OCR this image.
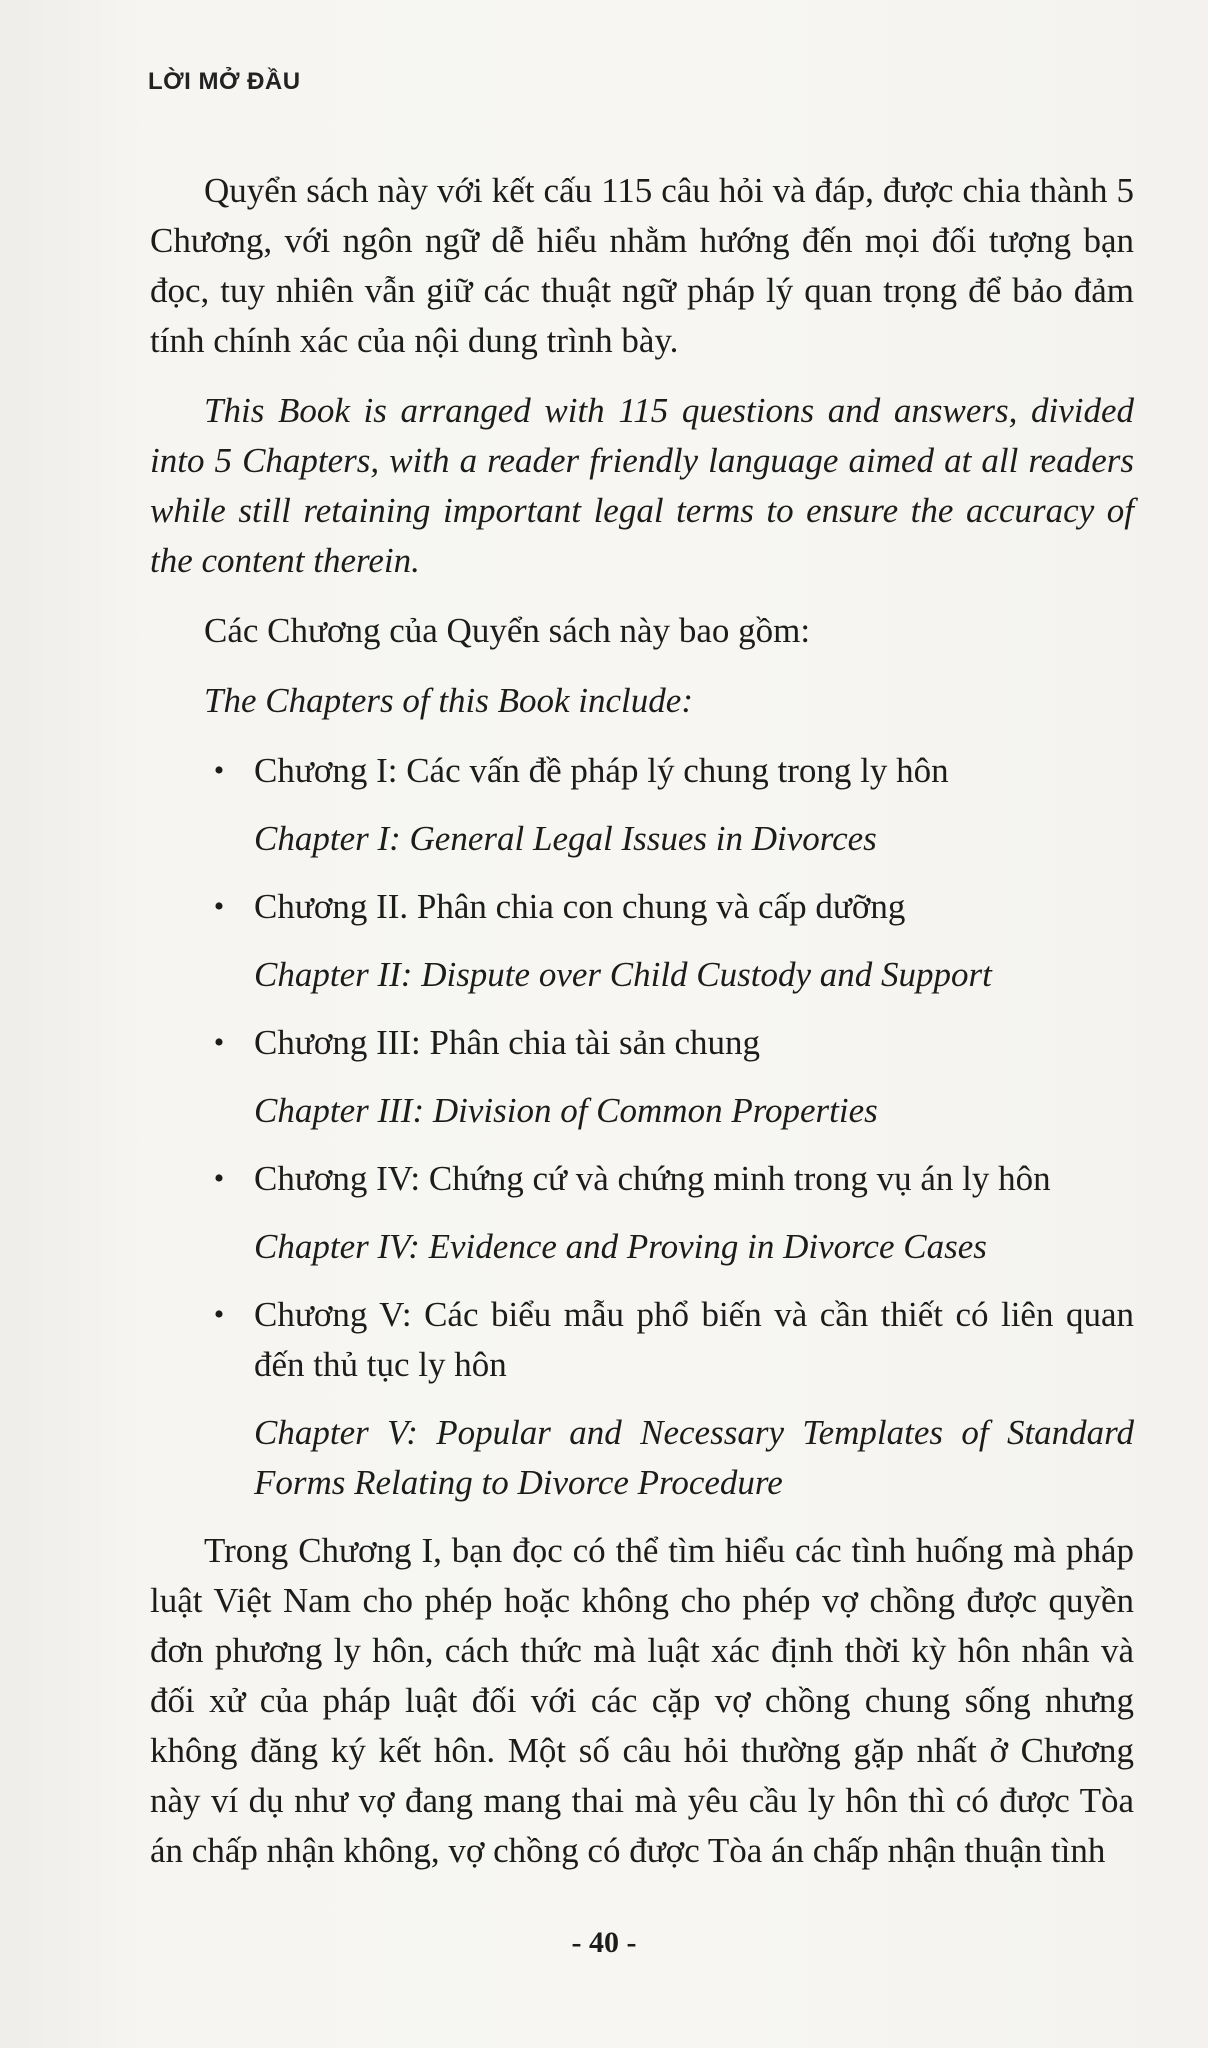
LỜI MỞ ĐẦU

Quyển sách này với kết cấu 115 câu hỏi và đáp, được chia thành 5 Chương, với ngôn ngữ dễ hiểu nhằm hướng đến mọi đối tượng bạn đọc, tuy nhiên vẫn giữ các thuật ngữ pháp lý quan trọng để bảo đảm tính chính xác của nội dung trình bày.

This Book is arranged with 115 questions and answers, divided into 5 Chapters, with a reader friendly language aimed at all readers while still retaining important legal terms to ensure the accuracy of the content therein.

Các Chương của Quyển sách này bao gồm:

The Chapters of this Book include:

• Chương I: Các vấn đề pháp lý chung trong ly hôn

Chapter I: General Legal Issues in Divorces

• Chương II. Phân chia con chung và cấp dưỡng

Chapter II: Dispute over Child Custody and Support

• Chương III: Phân chia tài sản chung

Chapter III: Division of Common Properties

• Chương IV: Chứng cứ và chứng minh trong vụ án ly hôn

Chapter IV: Evidence and Proving in Divorce Cases

• Chương V: Các biểu mẫu phổ biến và cần thiết có liên quan đến thủ tục ly hôn

Chapter V: Popular and Necessary Templates of Standard Forms Relating to Divorce Procedure

Trong Chương I, bạn đọc có thể tìm hiểu các tình huống mà pháp luật Việt Nam cho phép hoặc không cho phép vợ chồng được quyền đơn phương ly hôn, cách thức mà luật xác định thời kỳ hôn nhân và đối xử của pháp luật đối với các cặp vợ chồng chung sống nhưng không đăng ký kết hôn. Một số câu hỏi thường gặp nhất ở Chương này ví dụ như vợ đang mang thai mà yêu cầu ly hôn thì có được Tòa án chấp nhận không, vợ chồng có được Tòa án chấp nhận thuận tình

- 40 -
